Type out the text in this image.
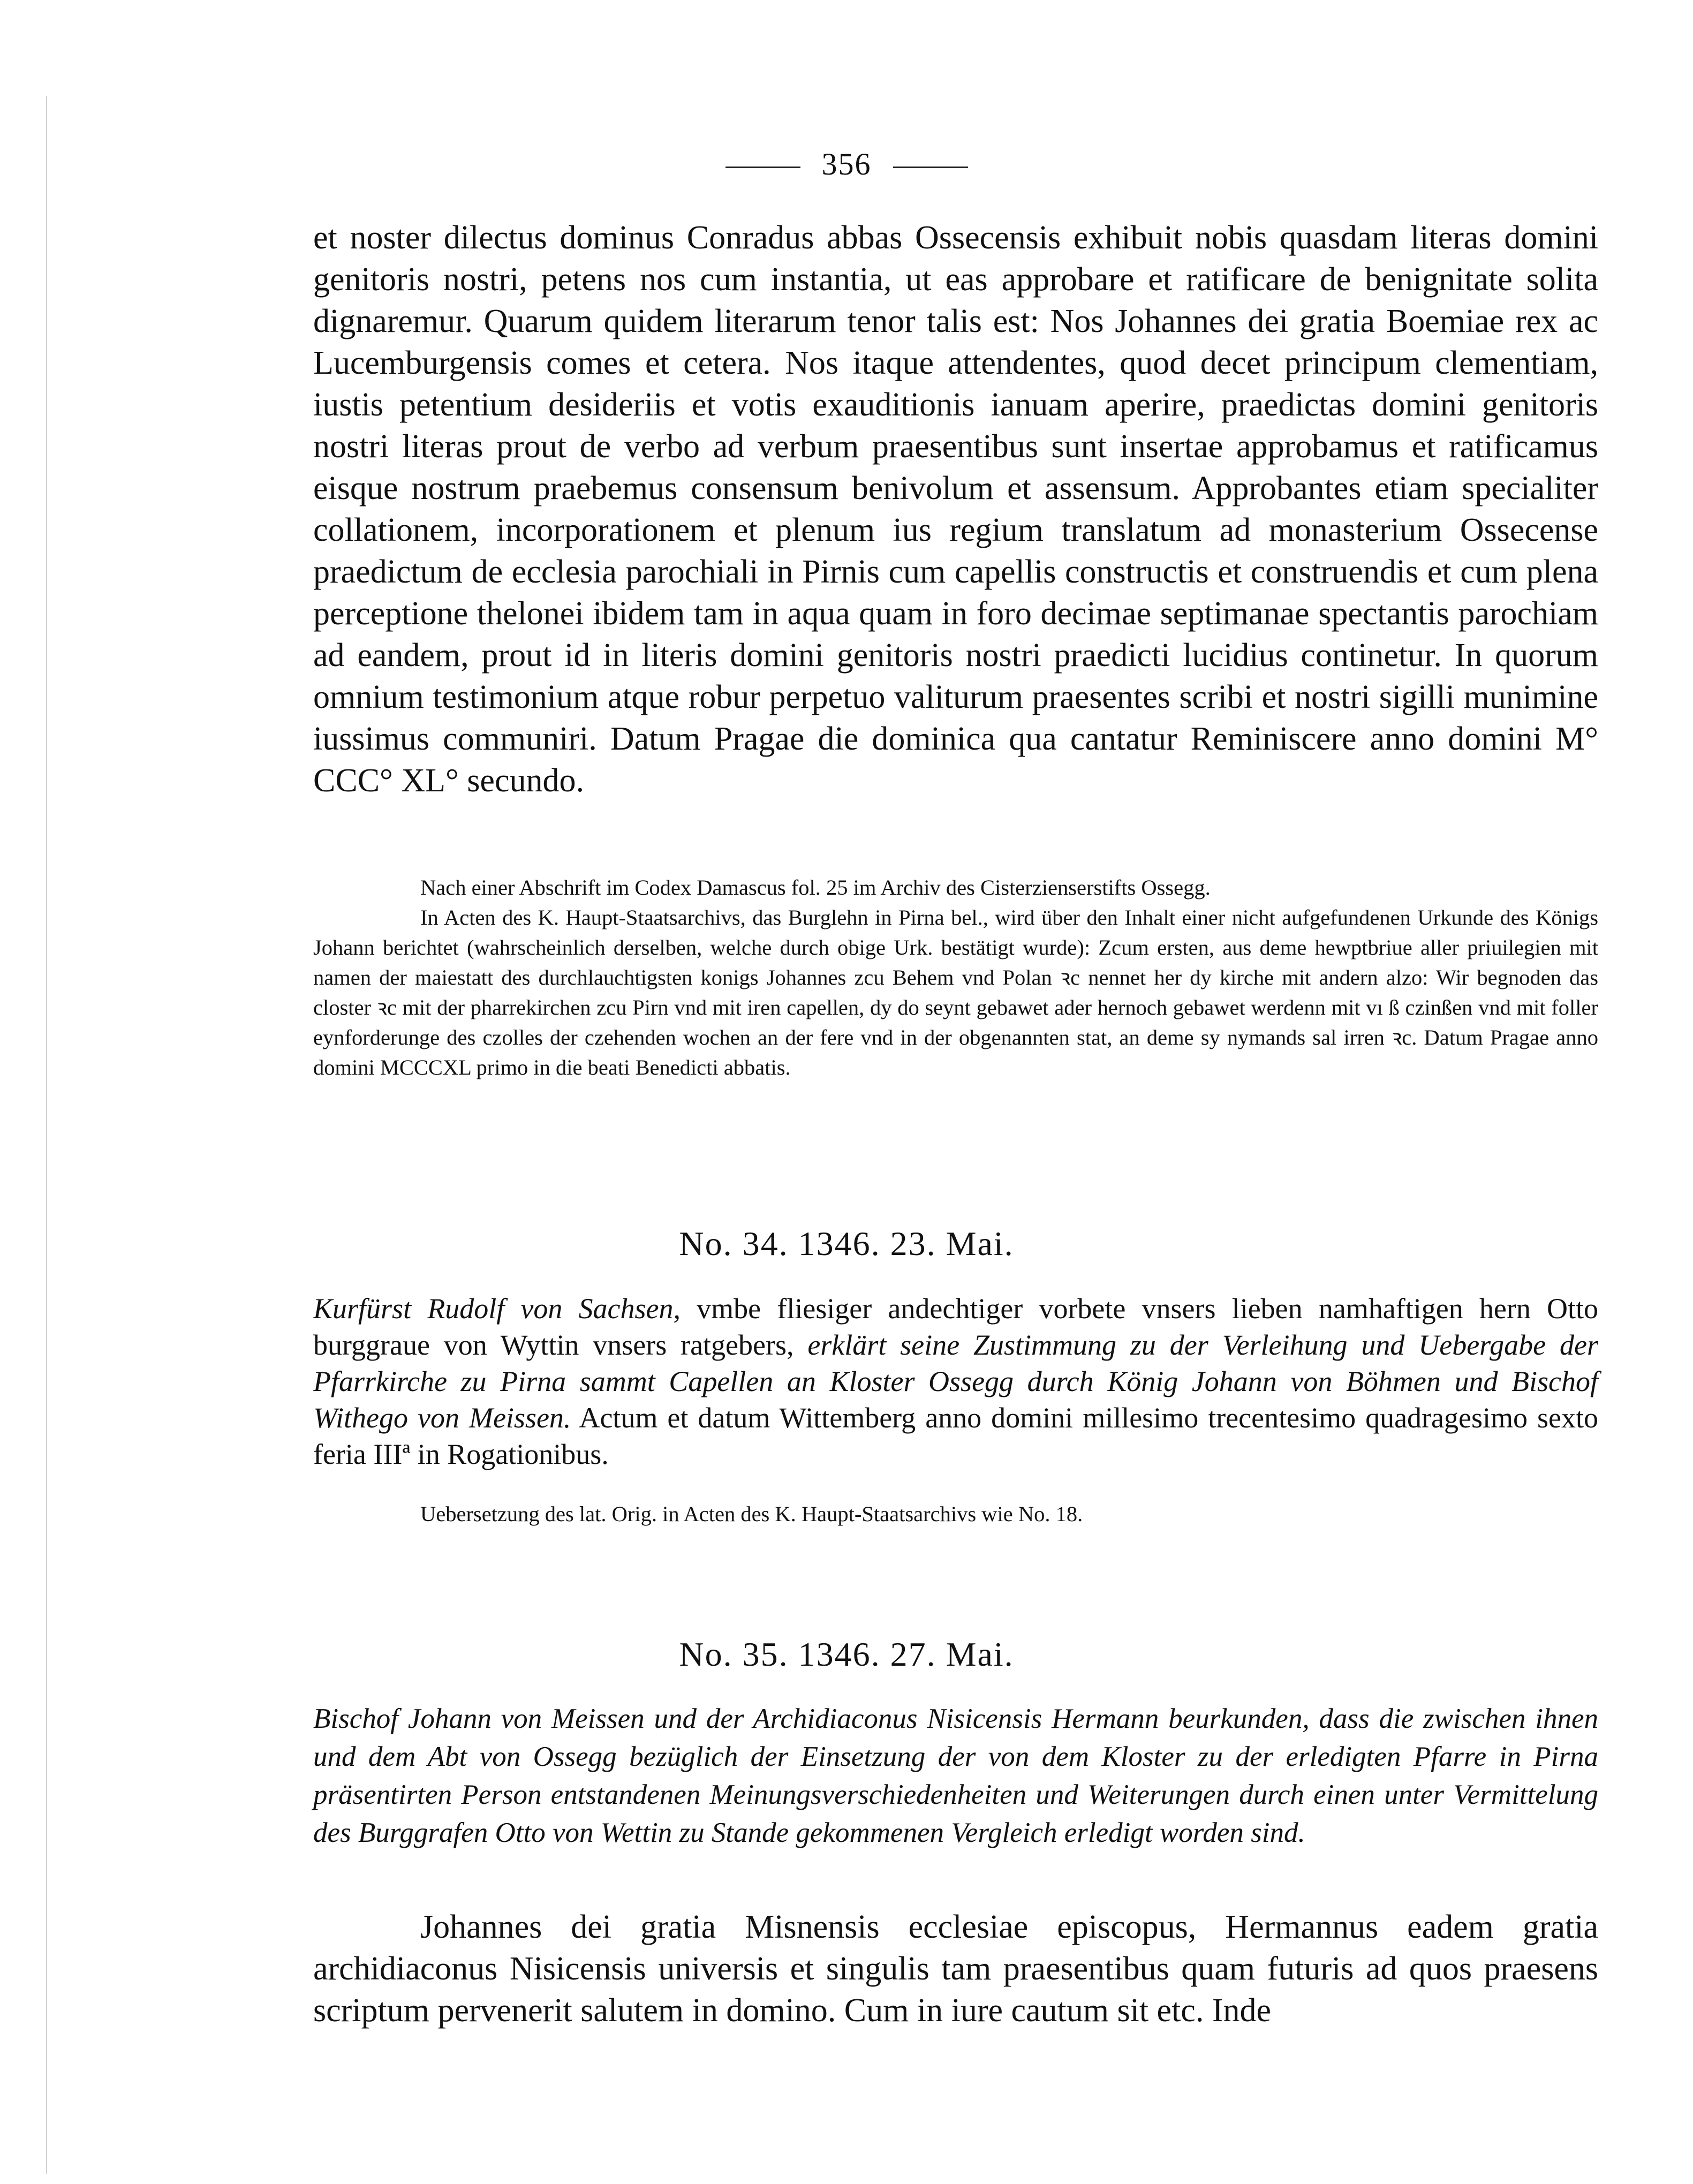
356

et noster dilectus dominus Conradus abbas Ossecensis exhibuit nobis quasdam literas domini genitoris nostri, petens nos cum instantia, ut eas approbare et ratificare de benignitate solita dignaremur. Quarum quidem literarum tenor talis est: Nos Johannes dei gratia Boemiae rex ac Lucemburgensis comes et cetera. Nos itaque attendentes, quod decet principum clementiam, iustis petentium desideriis et votis exauditionis ianuam aperire, praedictas domini genitoris nostri literas prout de verbo ad verbum praesentibus sunt insertae approbamus et ratificamus eisque nostrum praebemus consensum benivolum et assensum. Approbantes etiam specialiter collationem, incorporationem et plenum ius regium translatum ad monasterium Ossecense praedictum de ecclesia parochiali in Pirnis cum capellis constructis et construendis et cum plena perceptione thelonei ibidem tam in aqua quam in foro decimae septimanae spectantis parochiam ad eandem, prout id in literis domini genitoris nostri praedicti lucidius continetur. In quorum omnium testimonium atque robur perpetuo valiturum praesentes scribi et nostri sigilli munimine iussimus communiri. Datum Pragae die dominica qua cantatur Reminiscere anno domini M° CCC° XL° secundo.

Nach einer Abschrift im Codex Damascus fol. 25 im Archiv des Cisterzienserstifts Ossegg.

In Acten des K. Haupt-Staatsarchivs, das Burglehn in Pirna bel., wird über den Inhalt einer nicht aufgefundenen Urkunde des Königs Johann berichtet (wahrscheinlich derselben, welche durch obige Urk. bestätigt wurde): Zcum ersten, aus deme hewptbriue aller priuilegien mit namen der maiestatt des durchlauchtigsten konigs Johannes zcu Behem vnd Polan ꝛc nennet her dy kirche mit andern alzo: Wir begnoden das closter ꝛc mit der pharrekirchen zcu Pirn vnd mit iren capellen, dy do seynt gebawet ader hernoch gebawet werdenn mit vı ß czinßen vnd mit foller eynforderunge des czolles der czehenden wochen an der fere vnd in der obgenannten stat, an deme sy nymands sal irren ꝛc. Datum Pragae anno domini MCCCXL primo in die beati Benedicti abbatis.

No. 34. 1346. 23. Mai.

Kurfürst Rudolf von Sachsen, vmbe fliesiger andechtiger vorbete vnsers lieben namhaftigen hern Otto burggraue von Wyttin vnsers ratgebers, erklärt seine Zustimmung zu der Verleihung und Uebergabe der Pfarrkirche zu Pirna sammt Capellen an Kloster Ossegg durch König Johann von Böhmen und Bischof Withego von Meissen. Actum et datum Wittemberg anno domini millesimo trecentesimo quadragesimo sexto feria IIIª in Rogationibus.

Uebersetzung des lat. Orig. in Acten des K. Haupt-Staatsarchivs wie No. 18.

No. 35. 1346. 27. Mai.

Bischof Johann von Meissen und der Archidiaconus Nisicensis Hermann beurkunden, dass die zwischen ihnen und dem Abt von Ossegg bezüglich der Einsetzung der von dem Kloster zu der erledigten Pfarre in Pirna präsentirten Person entstandenen Meinungsverschiedenheiten und Weiterungen durch einen unter Vermittelung des Burggrafen Otto von Wettin zu Stande gekommenen Vergleich erledigt worden sind.

Johannes dei gratia Misnensis ecclesiae episcopus, Hermannus eadem gratia archidiaconus Nisicensis universis et singulis tam praesentibus quam futuris ad quos praesens scriptum pervenerit salutem in domino. Cum in iure cautum sit etc. Inde
